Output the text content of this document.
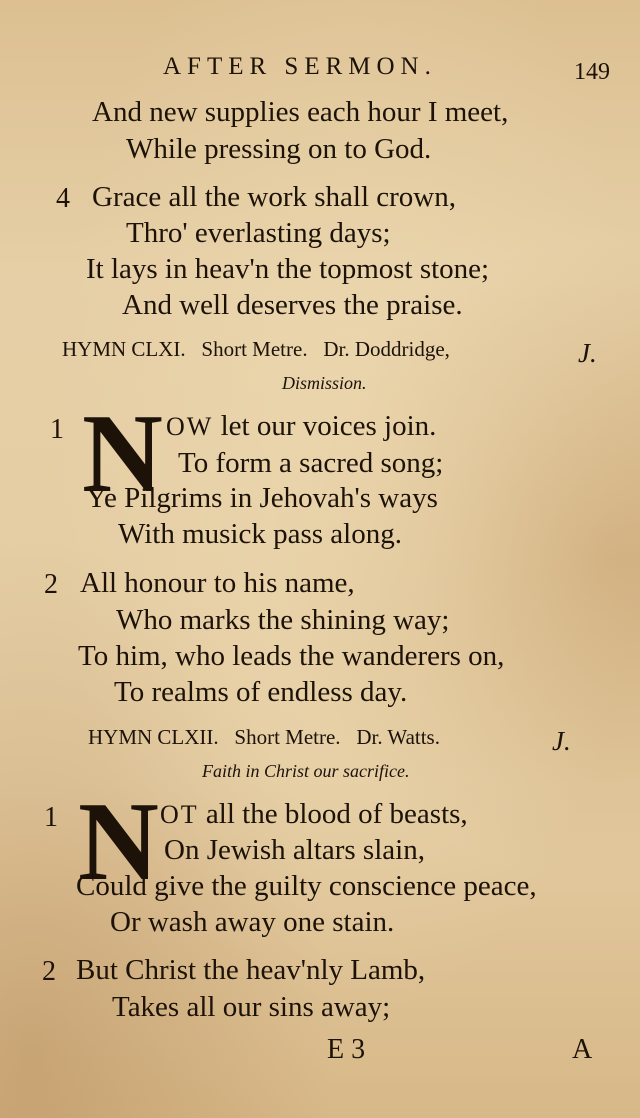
AFTER SERMON.	149
And new supplies each hour I meet,
While pressing on to God.
4 Grace all the work shall crown,
Thro' everlasting days;
It lays in heav'n the topmost stone;
And well deserves the praise.
HYMN CLXI. Short Metre. Dr. Doddridge,	J.
Dismission.
1 N OW let our voices join.
To form a sacred song;
Ye Pilgrims in Jehovah's ways
With musick pass along.
2 All honour to his name,
Who marks the shining way;
To him, who leads the wanderers on,
To realms of endless day.
HYMN CLXII. Short Metre. Dr. Watts.	J.
Faith in Christ our sacrifice.
1 N OT all the blood of beasts,
On Jewish altars slain,
Could give the guilty conscience peace,
Or wash away one stain.
2 But Christ the heav'nly Lamb,
Takes all our sins away;
E 3	A
